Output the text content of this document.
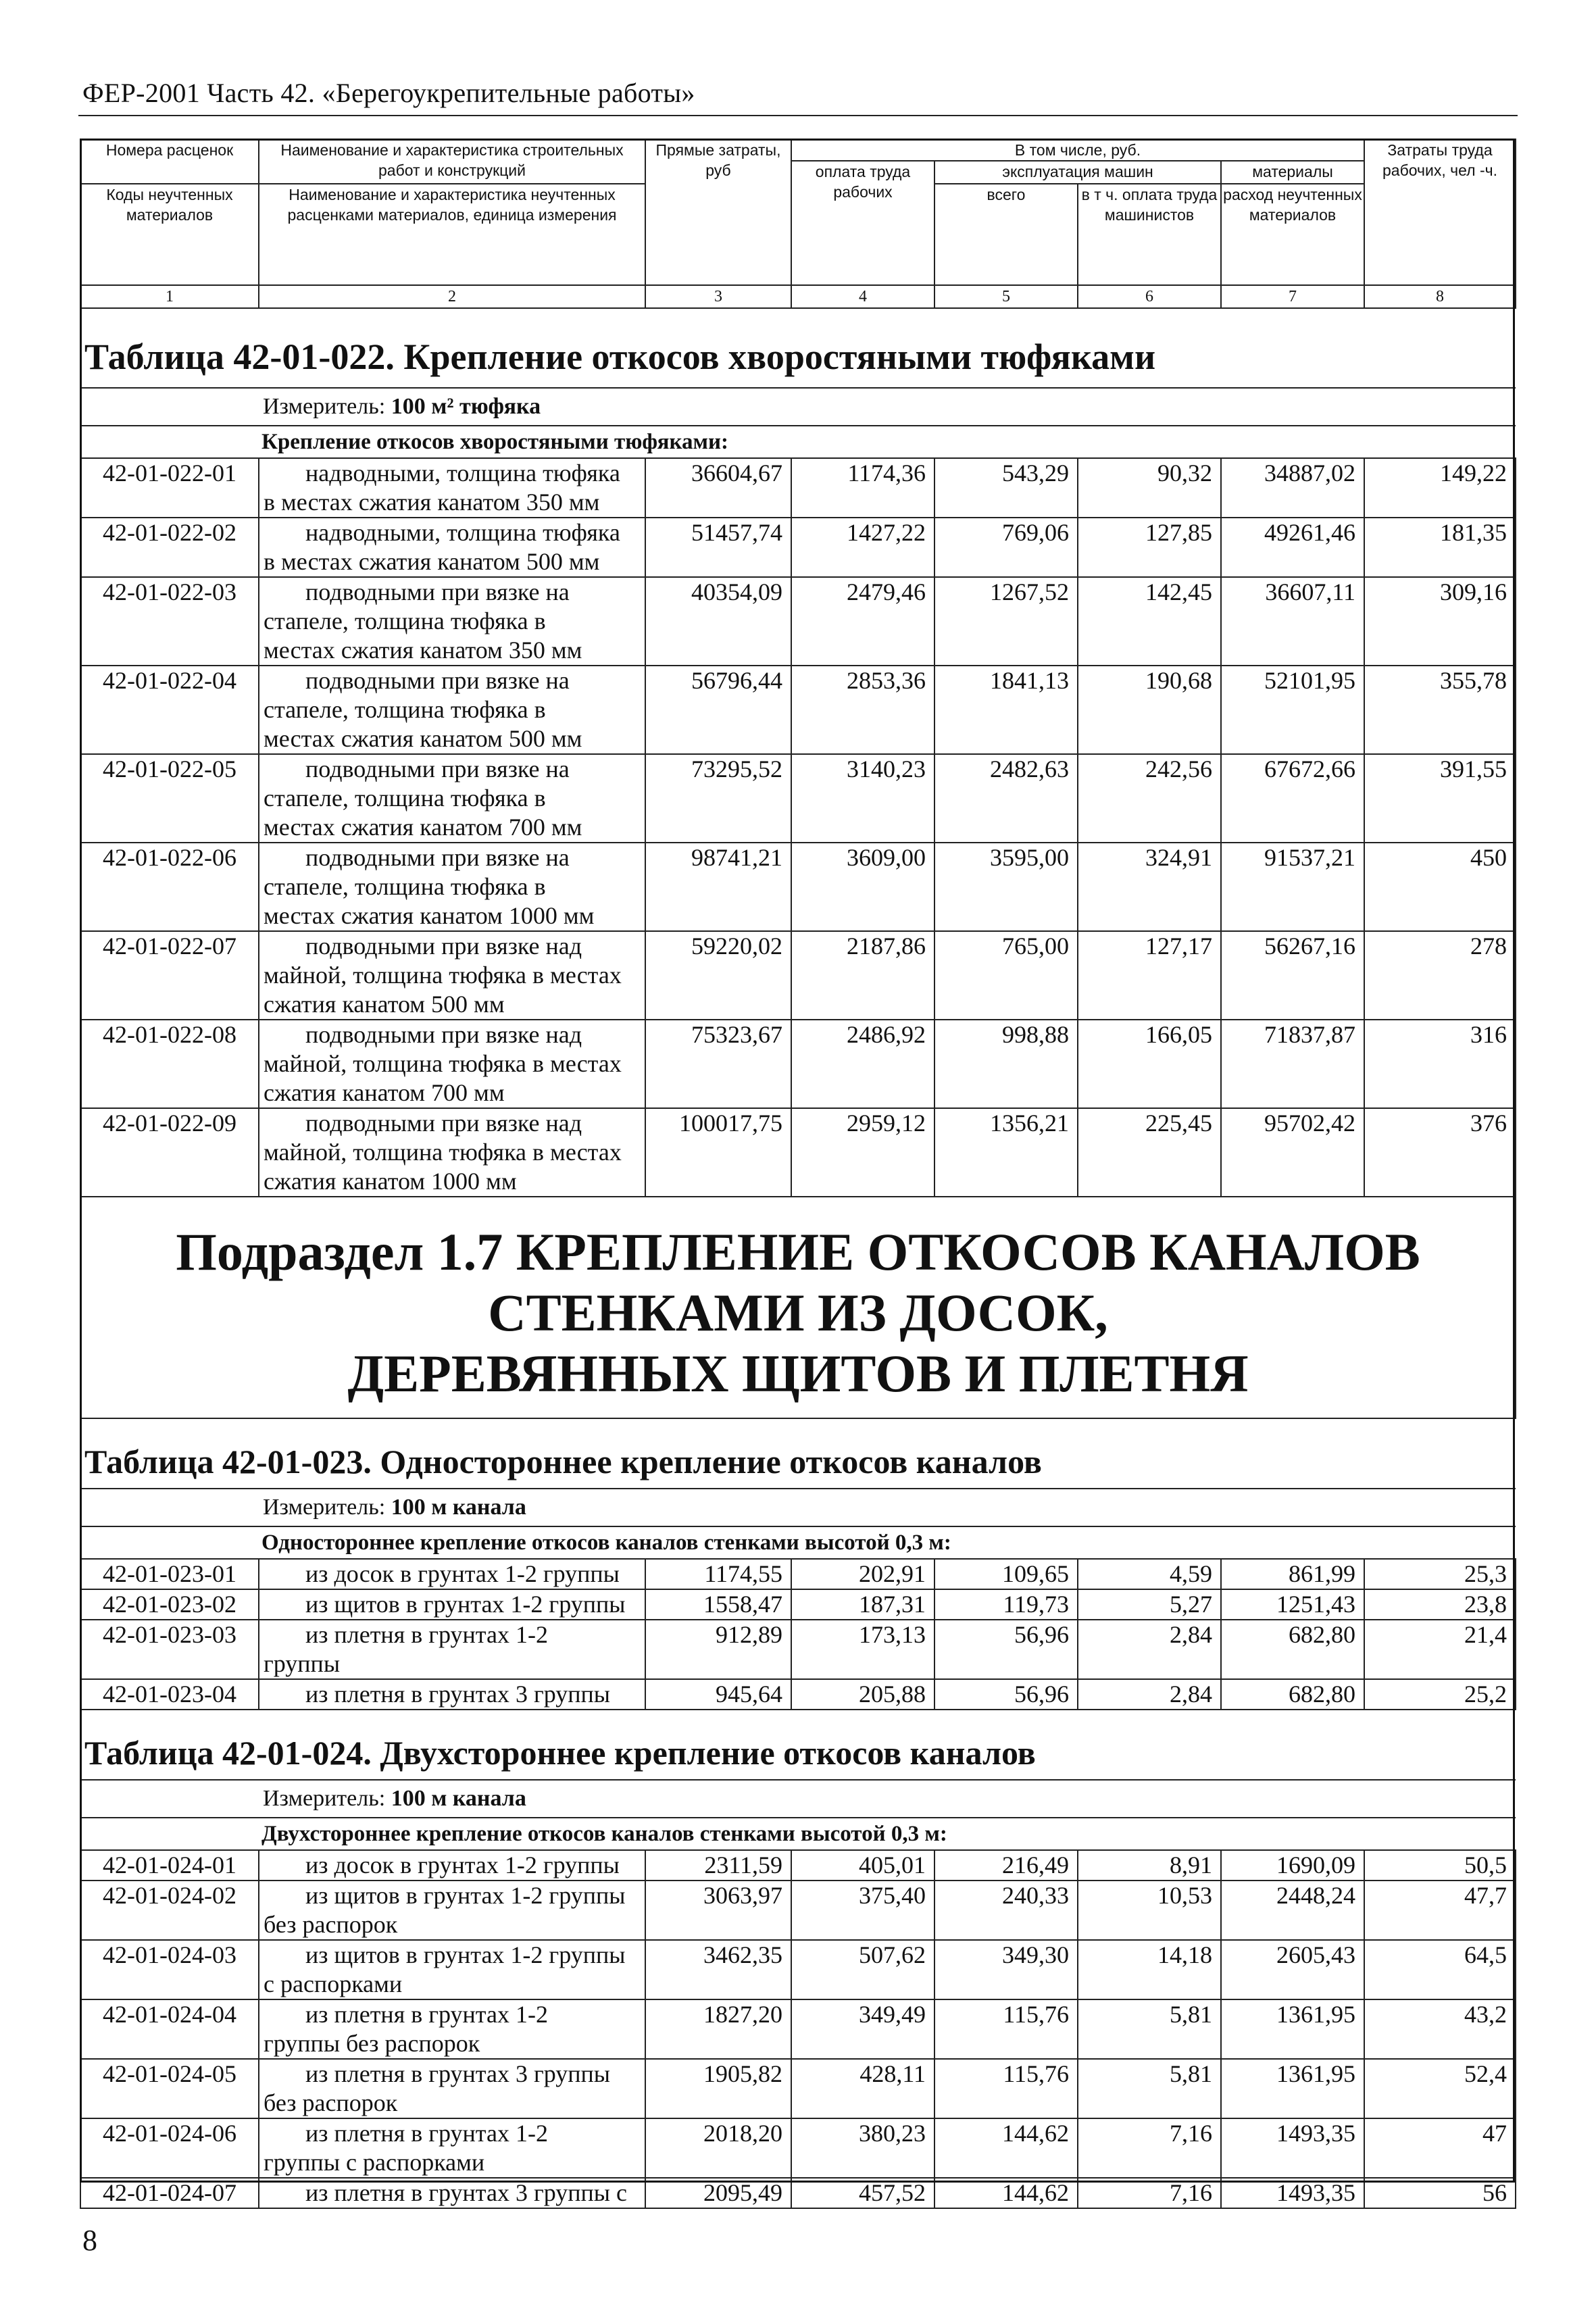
ФЕР-2001 Часть 42. «Берегоукрепительные работы»
Номера расценок	Наименование и характеристика строительных работ и конструкций	Прямые затраты, руб	В том числе, руб.				Затраты труда рабочих, чел -ч.
			оплата труда рабочих	эксплуатация машин		материалы	
Коды неучтенных материалов	Наименование и характеристика неучтенных расценками материалов, единица измерения			всего	в т ч. оплата труда машинистов	расход неучтенных материалов	

1	2	3	4	5	6	7	8
Таблица 42-01-022. Крепление откосов хворостяными тюфяками							
Измеритель: 100 м² тюфяка							
Крепление откосов хворостяными тюфяками:							
42-01-022-01	надводными, толщина тюфяка
в местах сжатия канатом 350 мм	36604,67	1174,36	543,29	90,32	34887,02	149,22
42-01-022-02	надводными, толщина тюфяка
в местах сжатия канатом 500 мм	51457,74	1427,22	769,06	127,85	49261,46	181,35
42-01-022-03	подводными при вязке на
стапеле, толщина тюфяка в
местах сжатия канатом 350 мм	40354,09	2479,46	1267,52	142,45	36607,11	309,16
42-01-022-04	подводными при вязке на
стапеле, толщина тюфяка в
местах сжатия канатом 500 мм	56796,44	2853,36	1841,13	190,68	52101,95	355,78
42-01-022-05	подводными при вязке на
стапеле, толщина тюфяка в
местах сжатия канатом 700 мм	73295,52	3140,23	2482,63	242,56	67672,66	391,55
42-01-022-06	подводными при вязке на
стапеле, толщина тюфяка в
местах сжатия канатом 1000 мм	98741,21	3609,00	3595,00	324,91	91537,21	450
42-01-022-07	подводными при вязке над
майной, толщина тюфяка в местах
сжатия канатом 500 мм	59220,02	2187,86	765,00	127,17	56267,16	278
42-01-022-08	подводными при вязке над
майной, толщина тюфяка в местах
сжатия канатом 700 мм	75323,67	2486,92	998,88	166,05	71837,87	316
42-01-022-09	подводными при вязке над
майной, толщина тюфяка в местах
сжатия канатом 1000 мм	100017,75	2959,12	1356,21	225,45	95702,42	376

Подраздел 1.7 КРЕПЛЕНИЕ ОТКОСОВ КАНАЛОВ СТЕНКАМИ ИЗ ДОСОК,
ДЕРЕВЯННЫХ ЩИТОВ И ПЛЕТНЯ							

Таблица 42-01-023. Одностороннее крепление откосов каналов							
Измеритель: 100 м канала							
Одностороннее крепление откосов каналов стенками высотой 0,3 м:							
42-01-023-01	из досок в грунтах 1-2 группы	1174,55	202,91	109,65	4,59	861,99	25,3
42-01-023-02	из щитов в грунтах 1-2 группы	1558,47	187,31	119,73	5,27	1251,43	23,8
42-01-023-03	из плетня в грунтах 1-2
группы	912,89	173,13	56,96	2,84	682,80	21,4
42-01-023-04	из плетня в грунтах 3 группы	945,64	205,88	56,96	2,84	682,80	25,2
Таблица 42-01-024. Двухстороннее крепление откосов каналов							
Измеритель: 100 м канала							
Двухстороннее крепление откосов каналов стенками высотой 0,3 м:							
42-01-024-01	из досок в грунтах 1-2 группы	2311,59	405,01	216,49	8,91	1690,09	50,5
42-01-024-02	из щитов в грунтах 1-2 группы
без распорок	3063,97	375,40	240,33	10,53	2448,24	47,7
42-01-024-03	из щитов в грунтах 1-2 группы
с распорками	3462,35	507,62	349,30	14,18	2605,43	64,5
42-01-024-04	из плетня в грунтах 1-2
группы без распорок	1827,20	349,49	115,76	5,81	1361,95	43,2
42-01-024-05	из плетня в грунтах 3 группы
без распорок	1905,82	428,11	115,76	5,81	1361,95	52,4
42-01-024-06	из плетня в грунтах 1-2
группы с распорками	2018,20	380,23	144,62	7,16	1493,35	47
42-01-024-07	из плетня в грунтах 3 группы с	2095,49	457,52	144,62	7,16	1493,35	56
8
